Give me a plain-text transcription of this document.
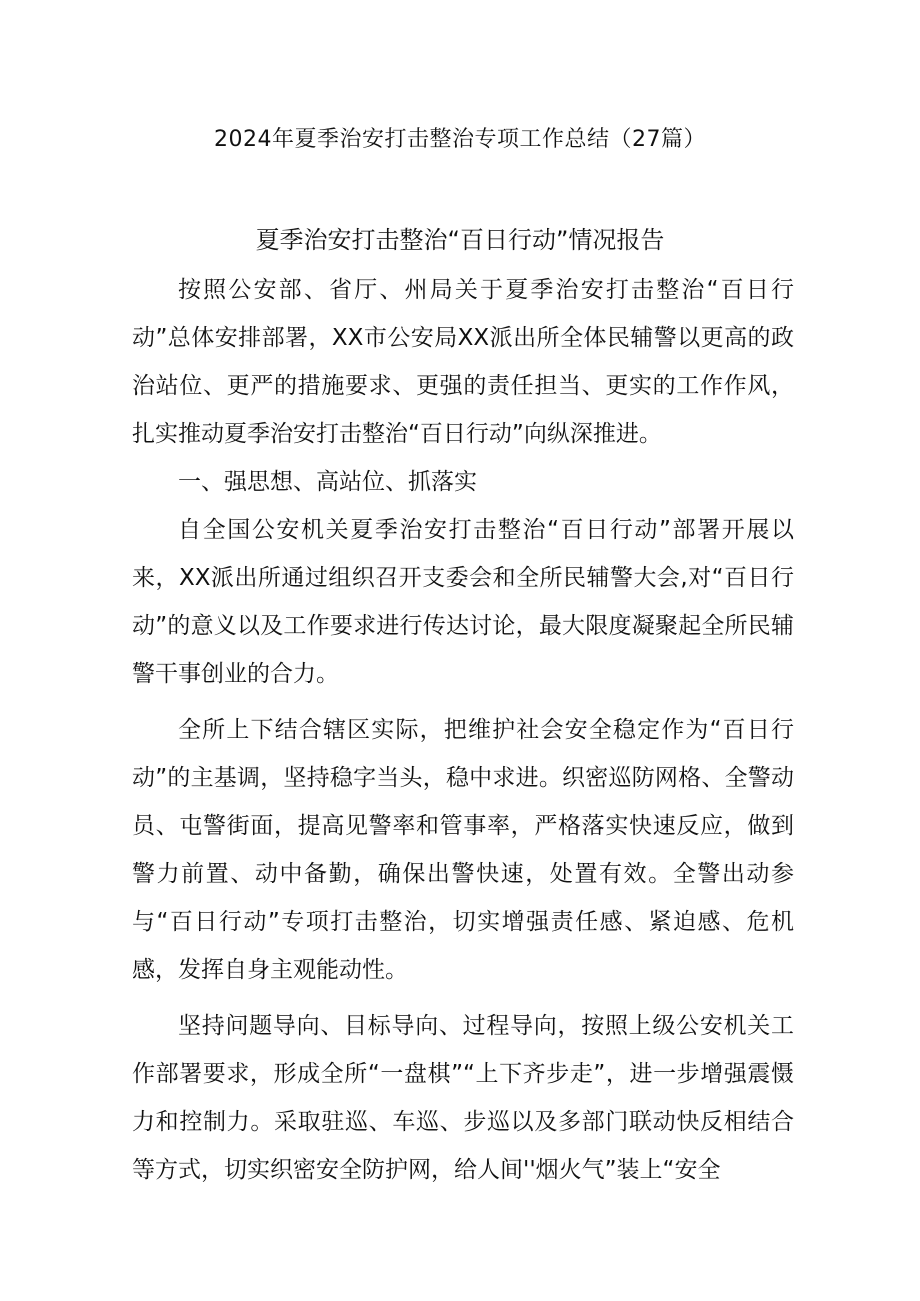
2024年夏季治安打击整治专项工作总结（27篇）
夏季治安打击整治“百日行动”情况报告

按照公安部、省厅、州局关于夏季治安打击整治“百日行动”总体安排部署，XX市公安局XX派出所全体民辅警以更高的政治站位、更严的措施要求、更强的责任担当、更实的工作作风，扎实推动夏季治安打击整治“百日行动”向纵深推进。

一、强思想、高站位、抓落实

自全国公安机关夏季治安打击整治“百日行动”部署开展以来，XX派出所通过组织召开支委会和全所民辅警大会,对“百日行动”的意义以及工作要求进行传达讨论，最大限度凝聚起全所民辅警干事创业的合力。

全所上下结合辖区实际，把维护社会安全稳定作为“百日行动”的主基调，坚持稳字当头，稳中求进。织密巡防网格、全警动员、屯警街面，提高见警率和管事率，严格落实快速反应，做到警力前置、动中备勤，确保出警快速，处置有效。全警出动参与“百日行动”专项打击整治，切实增强责任感、紧迫感、危机感，发挥自身主观能动性。

坚持问题导向、目标导向、过程导向，按照上级公安机关工作部署要求，形成全所“一盘棋”“上下齐步走”，进一步增强震慑力和控制力。采取驻巡、车巡、步巡以及多部门联动快反相结合等方式，切实织密安全防护网，给人间''烟火气”装上“安全
